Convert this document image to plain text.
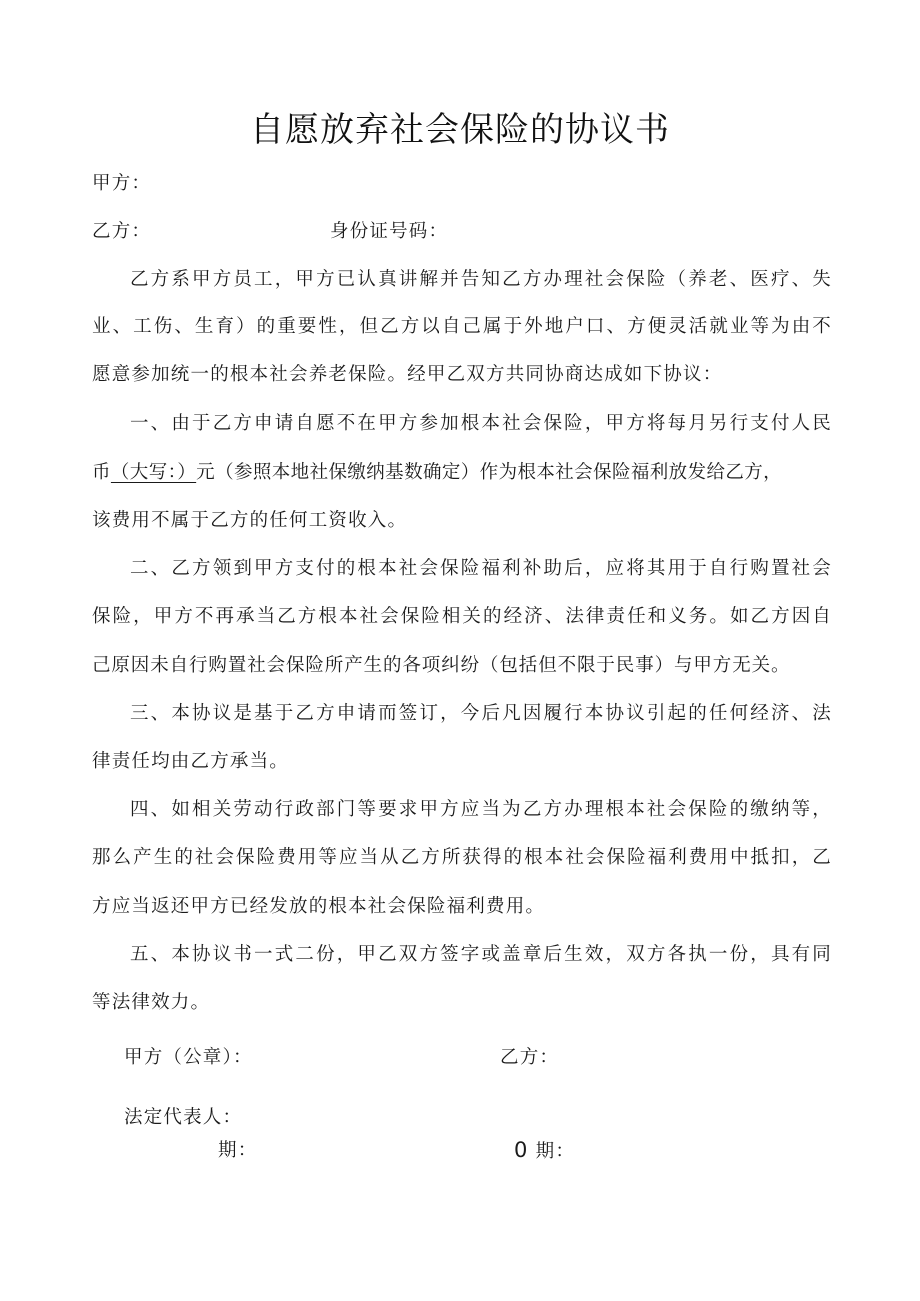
自愿放弃社会保险的协议书
甲方：
乙方：	身份证号码：
乙方系甲方员工，甲方已认真讲解并告知乙方办理社会保险（养老、医疗、失
业、工伤、生育）的重要性，但乙方以自己属于外地户口、方便灵活就业等为由不
愿意参加统一的根本社会养老保险。经甲乙双方共同协商达成如下协议：
一、由于乙方申请自愿不在甲方参加根本社会保险，甲方将每月另行支付人民
币（大写：）元（参照本地社保缴纳基数确定）作为根本社会保险福利放发给乙方，
该费用不属于乙方的任何工资收入。
二、乙方领到甲方支付的根本社会保险福利补助后，应将其用于自行购置社会
保险，甲方不再承当乙方根本社会保险相关的经济、法律责任和义务。如乙方因自
己原因未自行购置社会保险所产生的各项纠纷（包括但不限于民事）与甲方无关。
三、本协议是基于乙方申请而签订，今后凡因履行本协议引起的任何经济、法
律责任均由乙方承当。
四、如相关劳动行政部门等要求甲方应当为乙方办理根本社会保险的缴纳等，
那么产生的社会保险费用等应当从乙方所获得的根本社会保险福利费用中抵扣，乙
方应当返还甲方已经发放的根本社会保险福利费用。
五、本协议书一式二份，甲乙双方签字或盖章后生效，双方各执一份，具有同
等法律效力。
甲方（公章）：	乙方：
法定代表人：
期：	0 期：
